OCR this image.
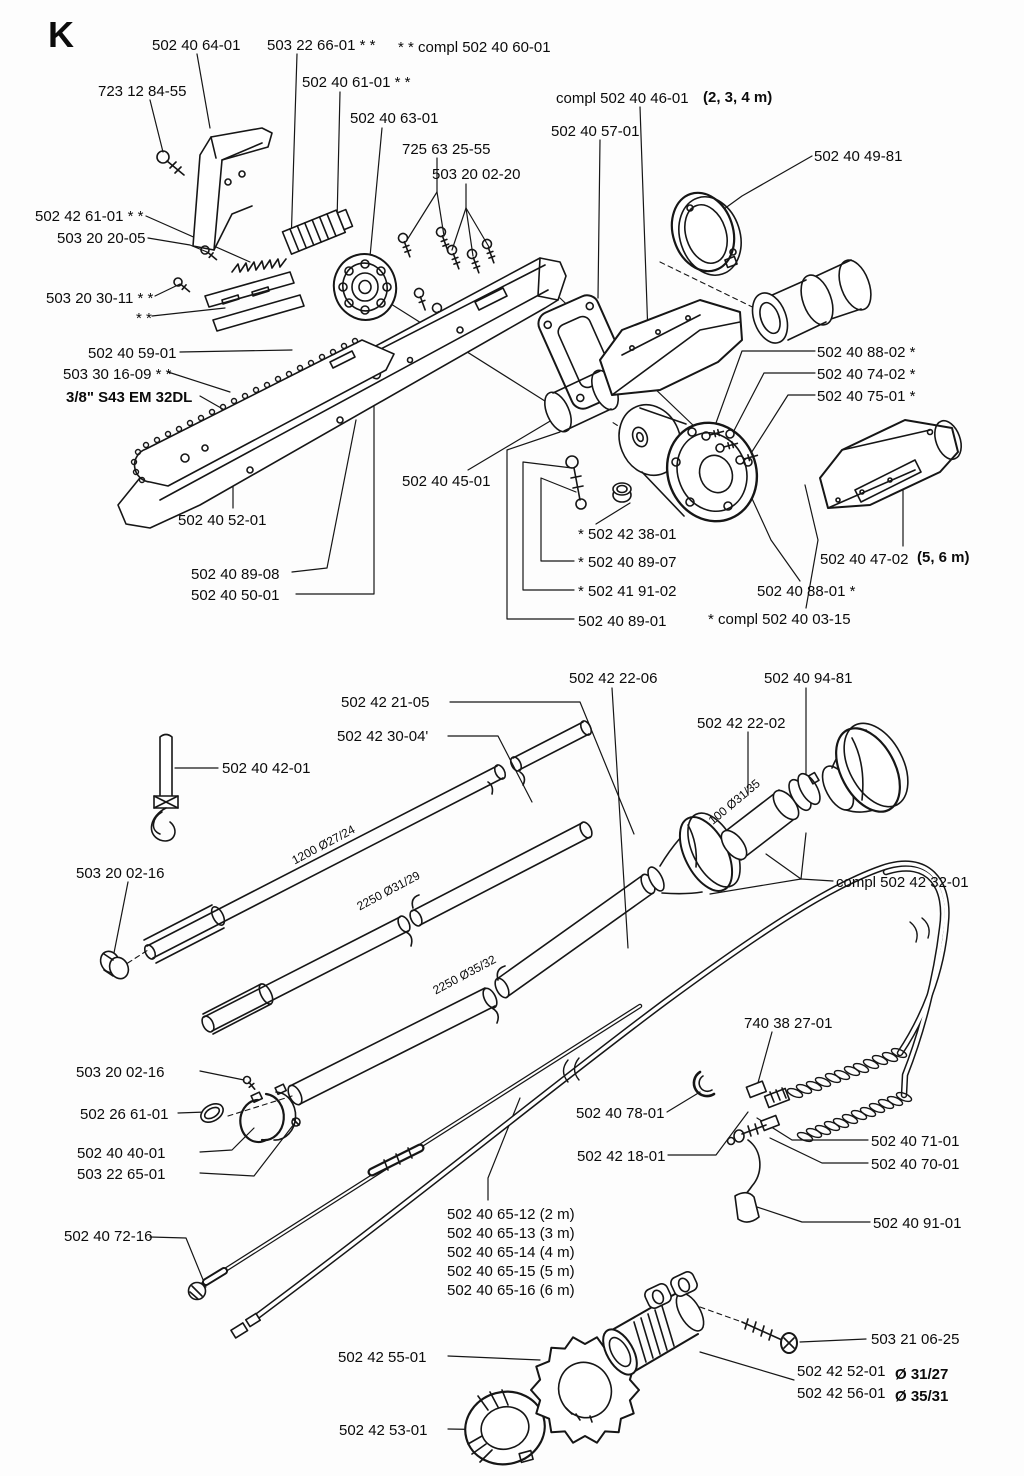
K	502 40 64-01 503 22 66-01 * * * * compl 502 40 60-01
502 40 61-01 * *
723 12 84-55	compl 502 40 46-01 (2, 3, 4 m)
502 40 63-01
502 40 57-01
725 63 25-55	502 40 49-81
503 20 02-20
502 42 61-01 * *
503 20 20-05
503 20 30-11 * *
* *
502 40 59-01
503 30 16-09 * *
3/8" S43 EM 32DL
502 40 88-02 *
502 40 74-02 *
502 40 75-01 *
502 40 45-01
502 40 52-01
* 502 42 38-01
* 502 40 89-07
* 502 41 91-02
502 40 89-01
502 40 89-08
502 40 50-01
502 40 47-02 (5, 6 m)
502 40 88-01 *
* compl 502 40 03-15
502 42 22-06	502 40 94-81
502 42 21-05
502 42 22-02
502 42 30-04'
502 40 42-01
503 20 02-16
compl 502 42 32-01
1200 Ø27/24
2250 Ø31/29
2250 Ø35/32
100 Ø31/35
740 38 27-01
502 40 78-01
502 42 18-01
502 40 71-01
502 40 70-01
502 40 91-01
503 20 02-16
502 26 61-01
502 40 40-01
503 22 65-01
502 40 72-16
502 40 65-12 (2 m)
502 40 65-13 (3 m)
502 40 65-14 (4 m)
502 40 65-15 (5 m)
502 40 65-16 (6 m)
502 42 55-01
503 21 06-25
502 42 52-01 Ø 31/27
502 42 56-01 Ø 35/31
502 42 53-01
